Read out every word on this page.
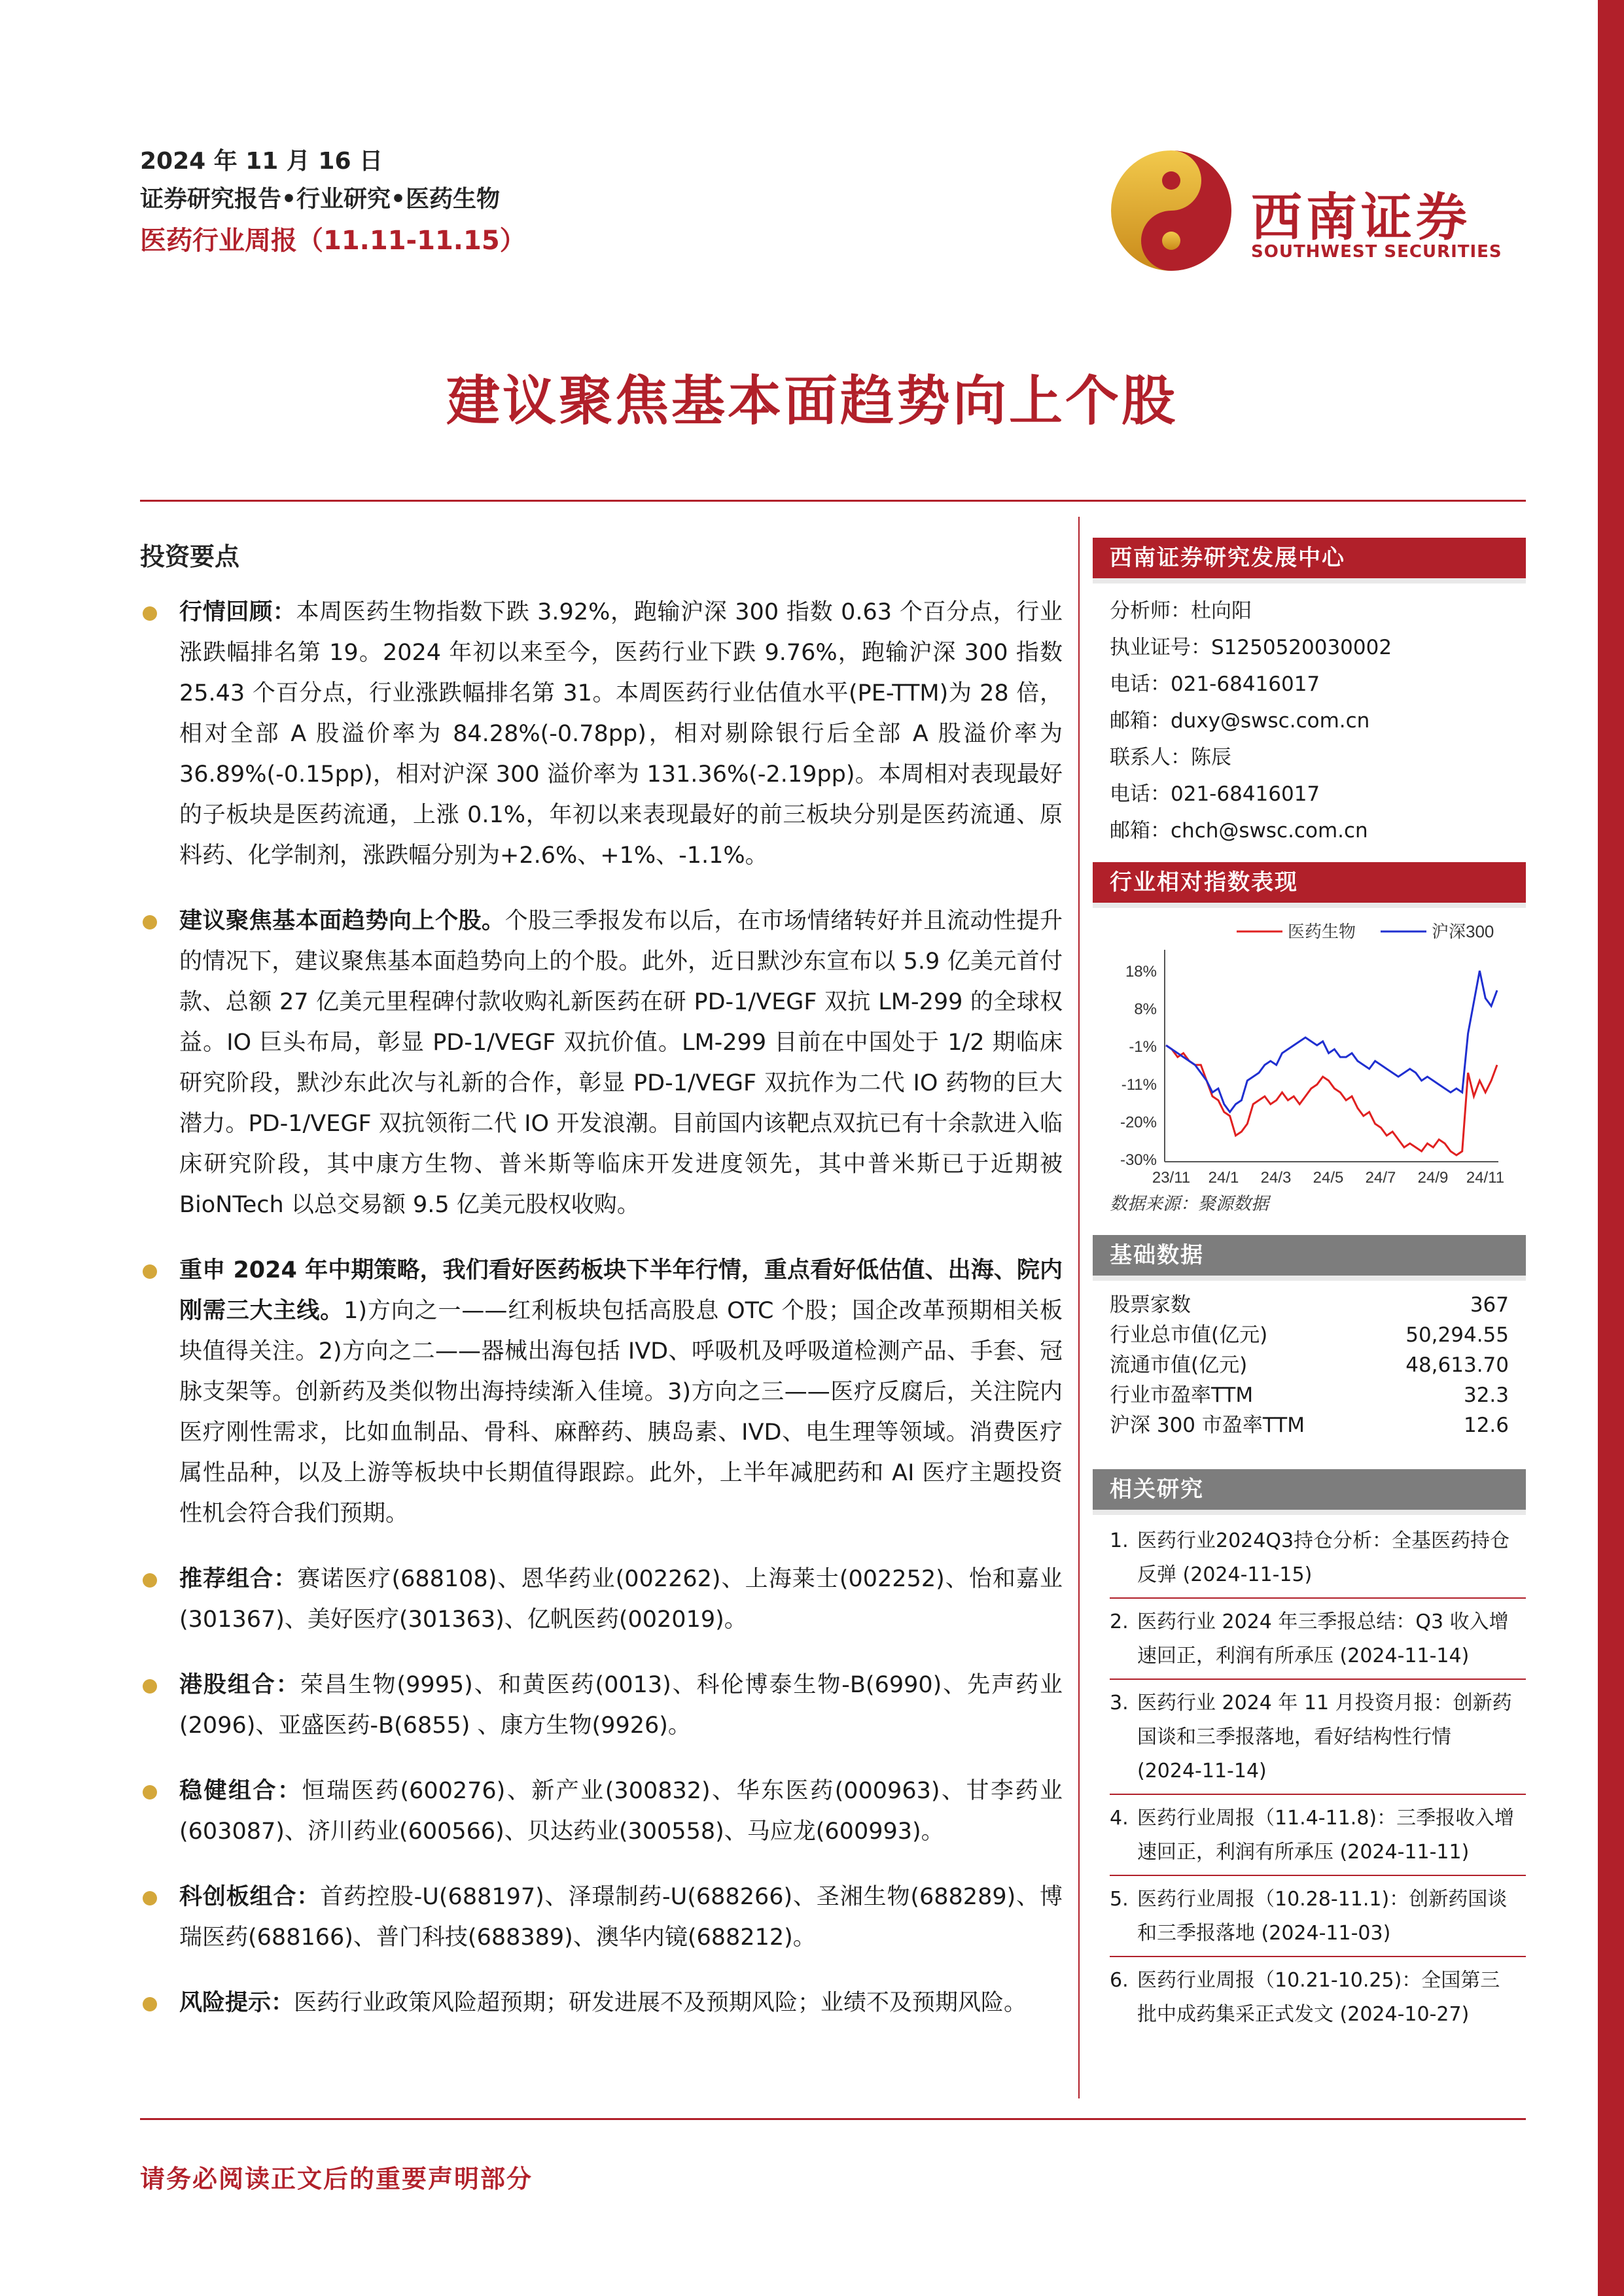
2024 年 11 月 16 日
证券研究报告•行业研究•医药生物
医药行业周报（11.11-11.15）	西南证券
SOUTHWEST SECURITIES
建议聚焦基本面趋势向上个股
投资要点

行情回顾：本周医药生物指数下跌 3.92%，跑输沪深 300 指数 0.63 个百分点，行业涨跌幅排名第 19。2024 年初以来至今，医药行业下跌 9.76%，跑输沪深 300 指数 25.43 个百分点，行业涨跌幅排名第 31。本周医药行业估值水平(PE-TTM)为 28 倍，相对全部 A 股溢价率为 84.28%(-0.78pp)，相对剔除银行后全部 A 股溢价率为 36.89%(-0.15pp)，相对沪深 300 溢价率为 131.36%(-2.19pp)。本周相对表现最好的子板块是医药流通，上涨 0.1%，年初以来表现最好的前三板块分别是医药流通、原料药、化学制剂，涨跌幅分别为+2.6%、+1%、-1.1%。

建议聚焦基本面趋势向上个股。个股三季报发布以后，在市场情绪转好并且流动性提升的情况下，建议聚焦基本面趋势向上的个股。此外，近日默沙东宣布以 5.9 亿美元首付款、总额 27 亿美元里程碑付款收购礼新医药在研 PD-1/VEGF 双抗 LM-299 的全球权益。IO 巨头布局，彰显 PD-1/VEGF 双抗价值。LM-299 目前在中国处于 1/2 期临床研究阶段，默沙东此次与礼新的合作，彰显 PD-1/VEGF 双抗作为二代 IO 药物的巨大潜力。PD-1/VEGF 双抗领衔二代 IO 开发浪潮。目前国内该靶点双抗已有十余款进入临床研究阶段，其中康方生物、普米斯等临床开发进度领先，其中普米斯已于近期被 BioNTech 以总交易额 9.5 亿美元股权收购。

重申 2024 年中期策略，我们看好医药板块下半年行情，重点看好低估值、出海、院内刚需三大主线。1)方向之一——红利板块包括高股息 OTC 个股；国企改革预期相关板块值得关注。2)方向之二——器械出海包括 IVD、呼吸机及呼吸道检测产品、手套、冠脉支架等。创新药及类似物出海持续渐入佳境。3)方向之三——医疗反腐后，关注院内医疗刚性需求，比如血制品、骨科、麻醉药、胰岛素、IVD、电生理等领域。消费医疗属性品种，以及上游等板块中长期值得跟踪。此外，上半年减肥药和 AI 医疗主题投资性机会符合我们预期。

推荐组合：赛诺医疗(688108)、恩华药业(002262)、上海莱士(002252)、怡和嘉业(301367)、美好医疗(301363)、亿帆医药(002019)。

港股组合：荣昌生物(9995)、和黄医药(0013)、科伦博泰生物-B(6990)、先声药业(2096)、亚盛医药-B(6855) 、康方生物(9926)。

稳健组合：恒瑞医药(600276)、新产业(300832)、华东医药(000963)、甘李药业(603087)、济川药业(600566)、贝达药业(300558)、马应龙(600993)。

科创板组合：首药控股-U(688197)、泽璟制药-U(688266)、圣湘生物(688289)、博瑞医药(688166)、普门科技(688389)、澳华内镜(688212)。

风险提示：医药行业政策风险超预期；研发进展不及预期风险；业绩不及预期风险。

西南证券研究发展中心
分析师：杜向阳
执业证号：S1250520030002
电话：021-68416017
邮箱：duxy@swsc.com.cn
联系人：陈辰
电话：021-68416017
邮箱：chch@swsc.com.cn
行业相对指数表现
18%
8%
-1%
-11%
-20%
-30%
23/11 24/1 24/3 24/5 24/7 24/9 24/11
医药生物	沪深300
数据来源：聚源数据
基础数据
股票家数	367
行业总市值(亿元)	50,294.55
流通市值(亿元)	48,613.70
行业市盈率TTM	32.3
沪深 300 市盈率TTM	12.6
相关研究
1. 医药行业2024Q3持仓分析：全基医药持仓反弹 (2024-11-15)
2. 医药行业 2024 年三季报总结：Q3 收入增速回正，利润有所承压 (2024-11-14)
3. 医药行业 2024 年 11 月投资月报：创新药国谈和三季报落地，看好结构性行情 (2024-11-14)
4. 医药行业周报（11.4-11.8)：三季报收入增速回正，利润有所承压 (2024-11-11)
5. 医药行业周报（10.28-11.1)：创新药国谈和三季报落地 (2024-11-03)
6. 医药行业周报（10.21-10.25)：全国第三批中成药集采正式发文 (2024-10-27)
请务必阅读正文后的重要声明部分
